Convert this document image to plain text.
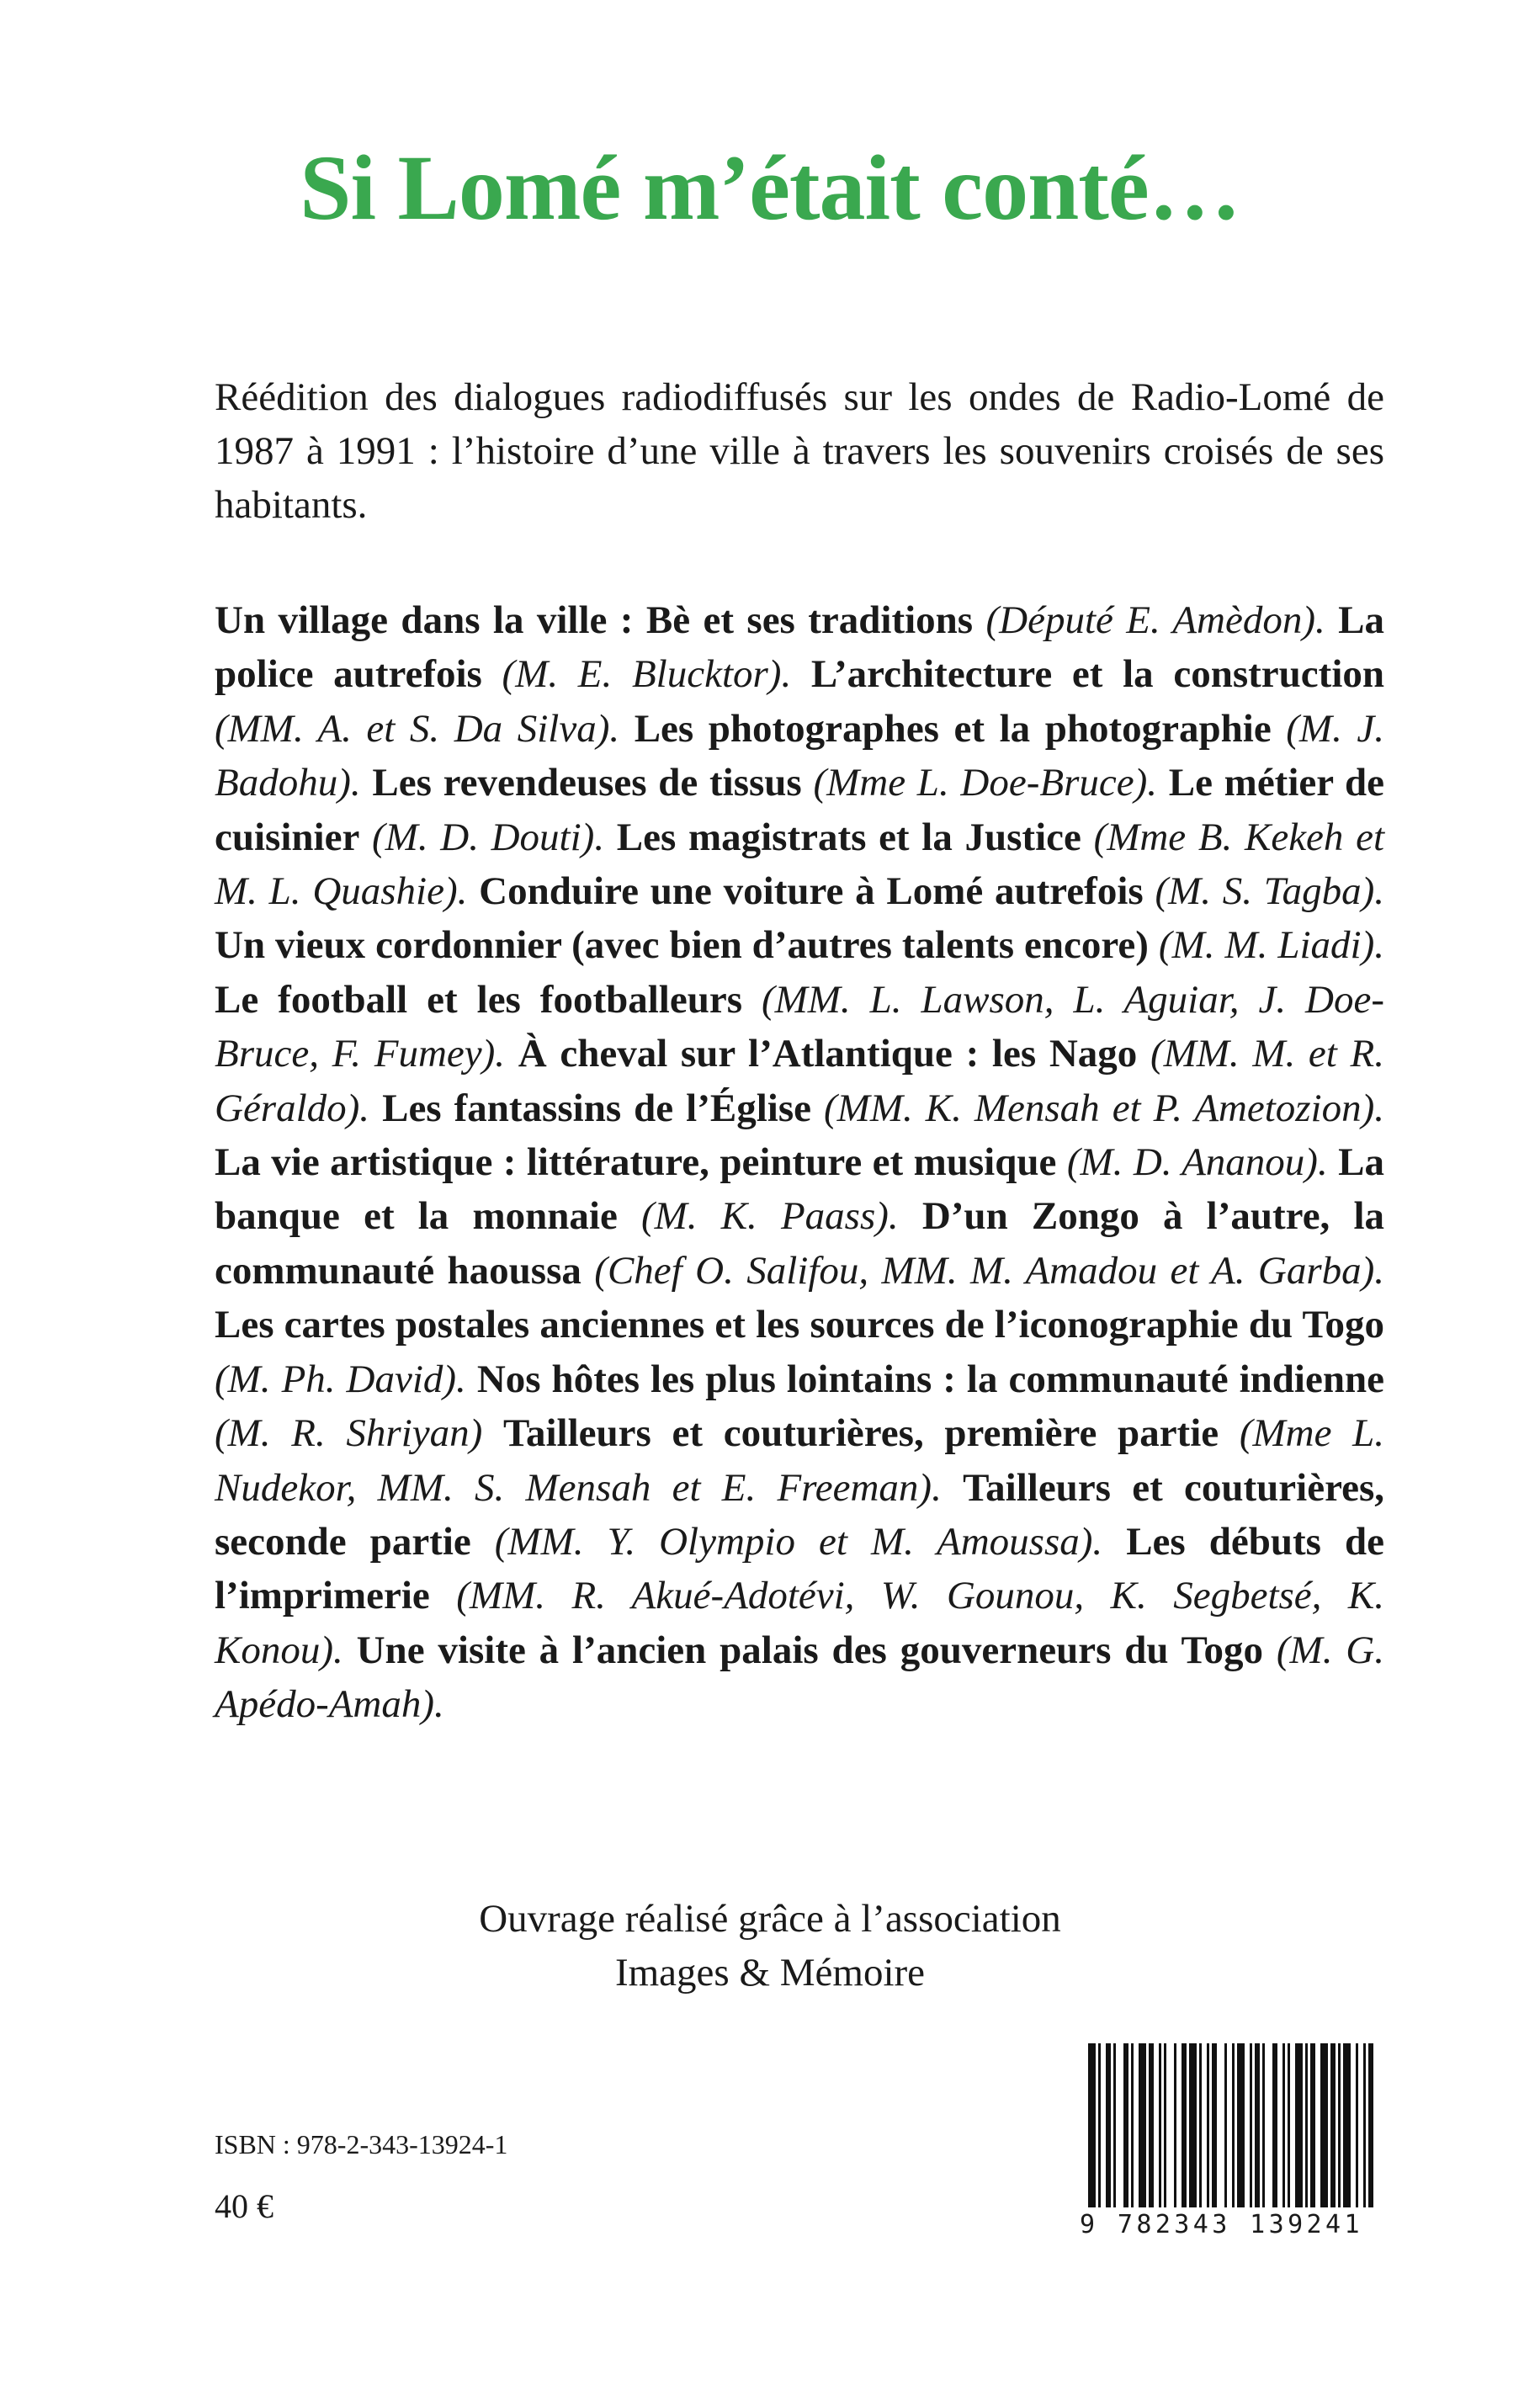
Si Lomé m’était conté…

Réédition des dialogues radiodiffusés sur les ondes de Radio-Lomé de 1987 à 1991 : l’histoire d’une ville à travers les souvenirs croisés de ses habitants.

Un village dans la ville : Bè et ses traditions (Député E. Amèdon). La police autrefois (M. E. Blucktor). L’architecture et la construction (MM. A. et S. Da Silva). Les photographes et la photographie (M. J. Badohu). Les revendeuses de tissus (Mme L. Doe-Bruce). Le métier de cuisinier (M. D. Douti). Les magistrats et la Justice (Mme B. Kekeh et M. L. Quashie). Conduire une voiture à Lomé autrefois (M. S. Tagba). Un vieux cordonnier (avec bien d’autres talents encore) (M. M. Liadi). Le football et les footballeurs (MM. L. Lawson, L. Aguiar, J. Doe-Bruce, F. Fumey). À cheval sur l’Atlantique : les Nago (MM. M. et R. Géraldo). Les fantassins de l’Église (MM. K. Mensah et P. Ametozion). La vie artistique : littérature, peinture et musique (M. D. Ananou). La banque et la monnaie (M. K. Paass). D’un Zongo à l’autre, la communauté haoussa (Chef O. Salifou, MM. M. Amadou et A. Garba). Les cartes postales anciennes et les sources de l’iconographie du Togo (M. Ph. David). Nos hôtes les plus lointains : la communauté indienne (M. R. Shriyan) Tailleurs et couturières, première partie (Mme L. Nudekor, MM. S. Mensah et E. Freeman). Tailleurs et couturières, seconde partie (MM. Y. Olympio et M. Amoussa). Les débuts de l’imprimerie (MM. R. Akué-Adotévi, W. Gounou, K. Segbetsé, K. Konou). Une visite à l’ancien palais des gouverneurs du Togo (M. G. Apédo-Amah).

Ouvrage réalisé grâce à l’association
Images & Mémoire
ISBN : 978-2-343-13924-1
40 €	9 782343 139241
